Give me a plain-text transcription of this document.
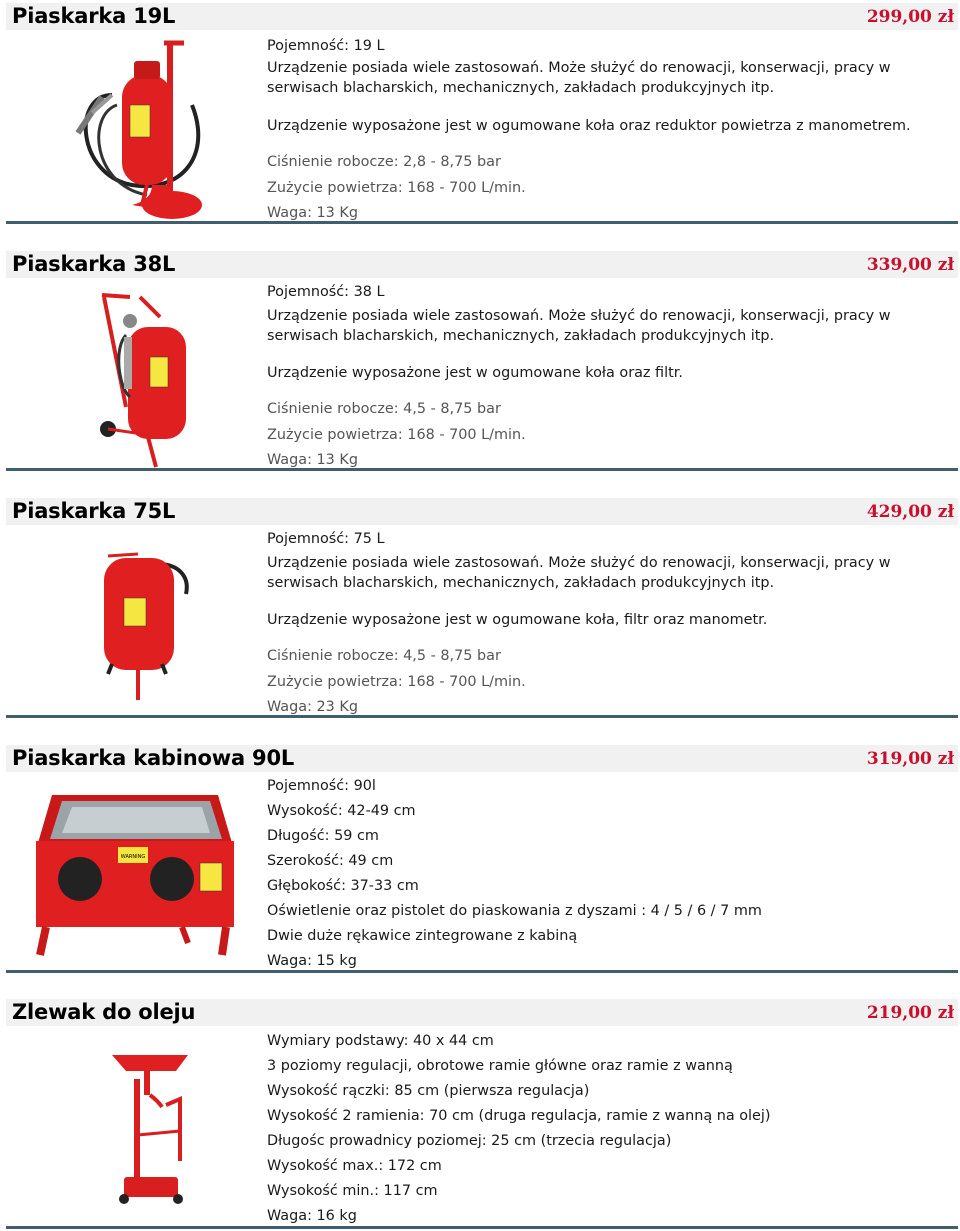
Piaskarka 19L	299,00 zł
Pojemność: 19 L
Urządzenie posiada wiele zastosowań. Może służyć do renowacji, konserwacji, pracy w serwisach blacharskich, mechanicznych, zakładach produkcyjnych itp.
Urządzenie wyposażone jest w ogumowane koła oraz reduktor powietrza z manometrem.
Ciśnienie robocze: 2,8 - 8,75 bar
Zużycie powietrza: 168 - 700 L/min.
Waga: 13 Kg
Piaskarka 38L	339,00 zł
Pojemność: 38 L
Urządzenie posiada wiele zastosowań. Może służyć do renowacji, konserwacji, pracy w serwisach blacharskich, mechanicznych, zakładach produkcyjnych itp.
Urządzenie wyposażone jest w ogumowane koła oraz filtr.
Ciśnienie robocze: 4,5 - 8,75 bar
Zużycie powietrza: 168 - 700 L/min.
Waga: 13 Kg
Piaskarka 75L	429,00 zł
Pojemność: 75 L
Urządzenie posiada wiele zastosowań. Może służyć do renowacji, konserwacji, pracy w serwisach blacharskich, mechanicznych, zakładach produkcyjnych itp.
Urządzenie wyposażone jest w ogumowane koła, filtr oraz manometr.
Ciśnienie robocze: 4,5 - 8,75 bar
Zużycie powietrza: 168 - 700 L/min.
Waga: 23 Kg
Piaskarka kabinowa 90L	319,00 zł
WARNING
Pojemność: 90l
Wysokość: 42-49 cm
Długość: 59 cm
Szerokość: 49 cm
Głębokość: 37-33 cm
Oświetlenie oraz pistolet do piaskowania z dyszami : 4 / 5 / 6 / 7 mm
Dwie duże rękawice zintegrowane z kabiną
Waga: 15 kg
Zlewak do oleju	219,00 zł
Wymiary podstawy: 40 x 44 cm
3 poziomy regulacji, obrotowe ramie główne oraz ramie z wanną
Wysokość rączki: 85 cm (pierwsza regulacja)
Wysokość 2 ramienia: 70 cm (druga regulacja, ramie z wanną na olej)
Długośc prowadnicy poziomej: 25 cm (trzecia regulacja)
Wysokość max.: 172 cm
Wysokość min.: 117 cm
Waga: 16 kg
